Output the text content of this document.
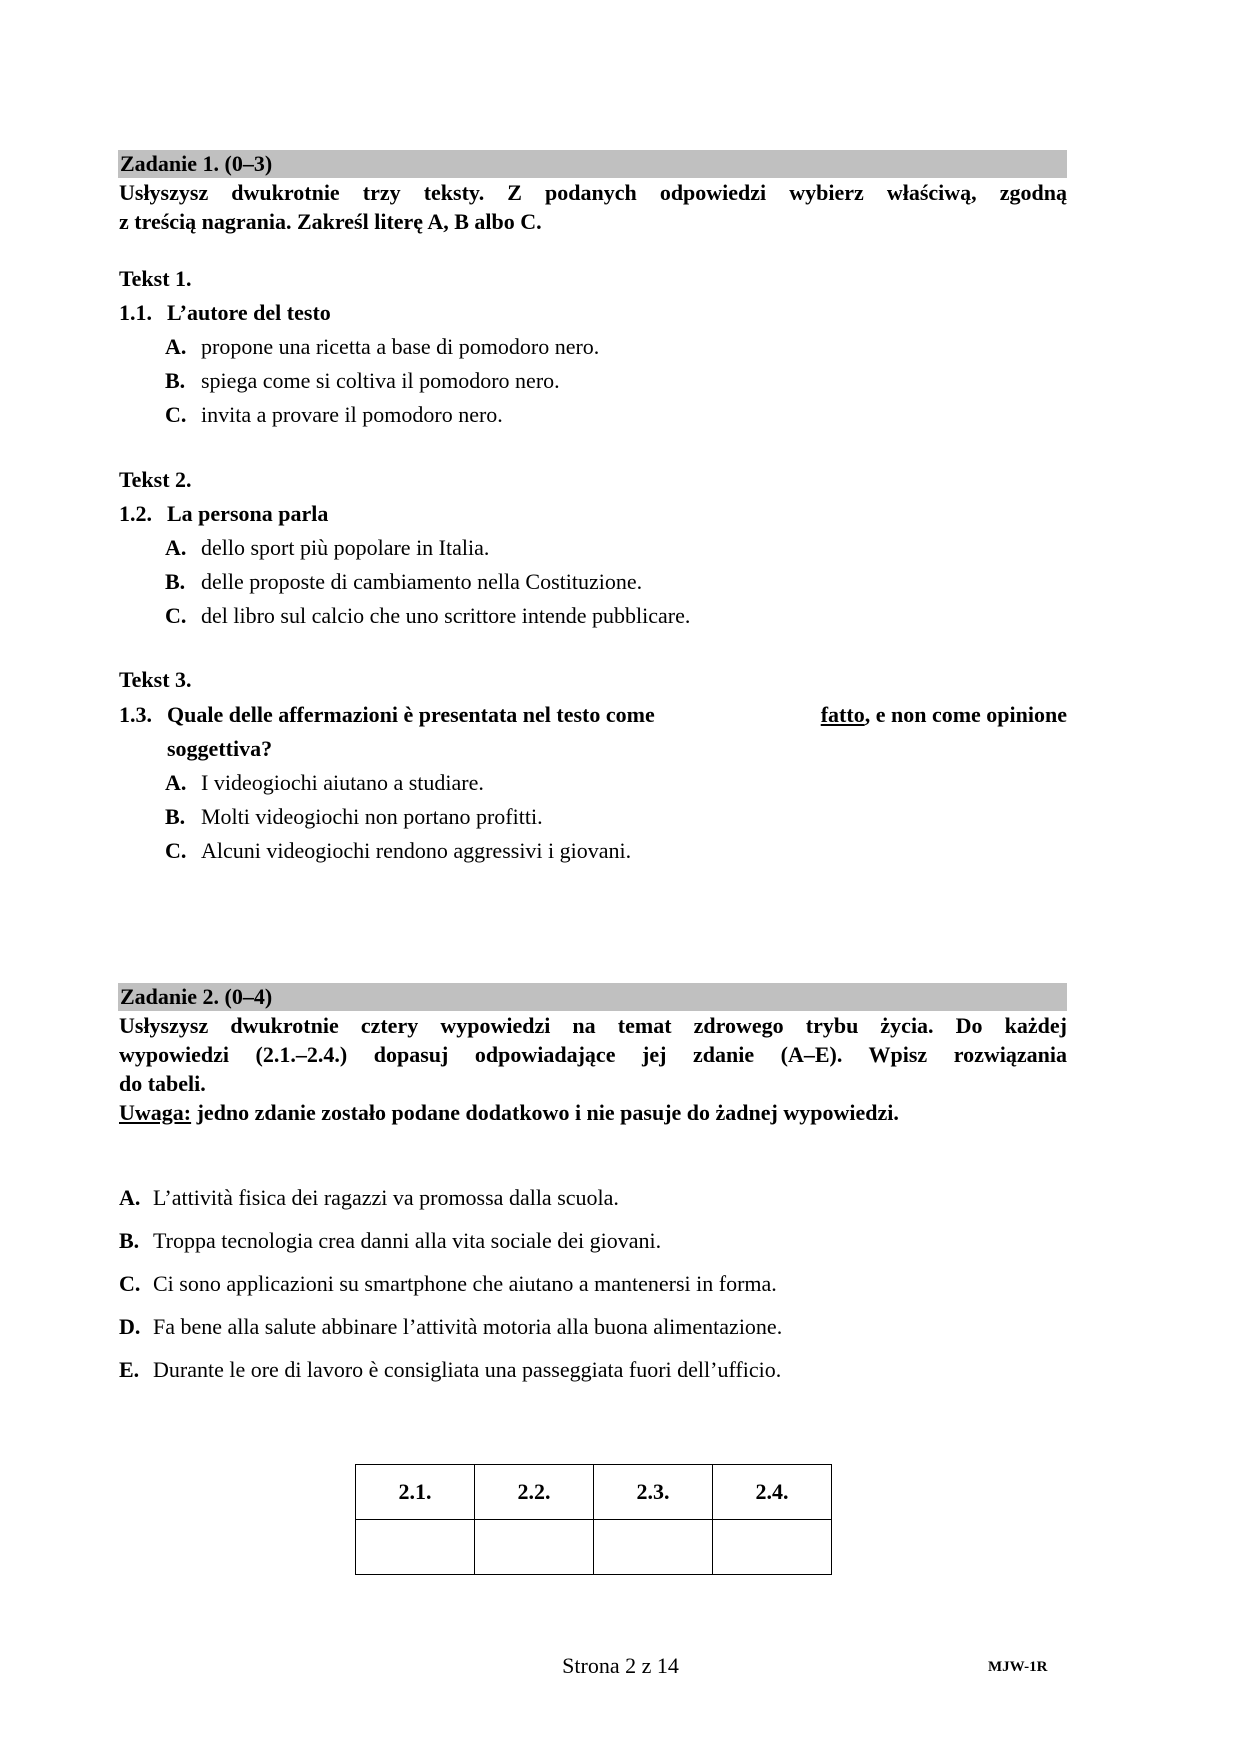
Zadanie 1. (0–3)
Usłyszysz dwukrotnie trzy teksty. Z podanych odpowiedzi wybierz właściwą, zgodną
z treścią nagrania. Zakreśl literę A, B albo C.
Tekst 1.
1.1. L’autore del testo
A. propone una ricetta a base di pomodoro nero.
B. spiega come si coltiva il pomodoro nero.
C. invita a provare il pomodoro nero.
Tekst 2.
1.2. La persona parla
A. dello sport più popolare in Italia.
B. delle proposte di cambiamento nella Costituzione.
C. del libro sul calcio che uno scrittore intende pubblicare.
Tekst 3.
1.3. Quale delle affermazioni è presentata nel testo come	fatto, e non come opinione
soggettiva?
A. I videogiochi aiutano a studiare.
B. Molti videogiochi non portano profitti.
C. Alcuni videogiochi rendono aggressivi i giovani.
Zadanie 2. (0–4)
Usłyszysz dwukrotnie cztery wypowiedzi na temat zdrowego trybu życia. Do każdej
wypowiedzi (2.1.–2.4.) dopasuj odpowiadające jej zdanie (A–E). Wpisz rozwiązania
do tabeli.
Uwaga: jedno zdanie zostało podane dodatkowo i nie pasuje do żadnej wypowiedzi.
A. L’attività fisica dei ragazzi va promossa dalla scuola.
B. Troppa tecnologia crea danni alla vita sociale dei giovani.
C. Ci sono applicazioni su smartphone che aiutano a mantenersi in forma.
D. Fa bene alla salute abbinare l’attività motoria alla buona alimentazione.
E. Durante le ore di lavoro è consigliata una passeggiata fuori dell’ufficio.
2.1.	2.2.	2.3.	2.4.

Strona 2 z 14	MJW-1R
